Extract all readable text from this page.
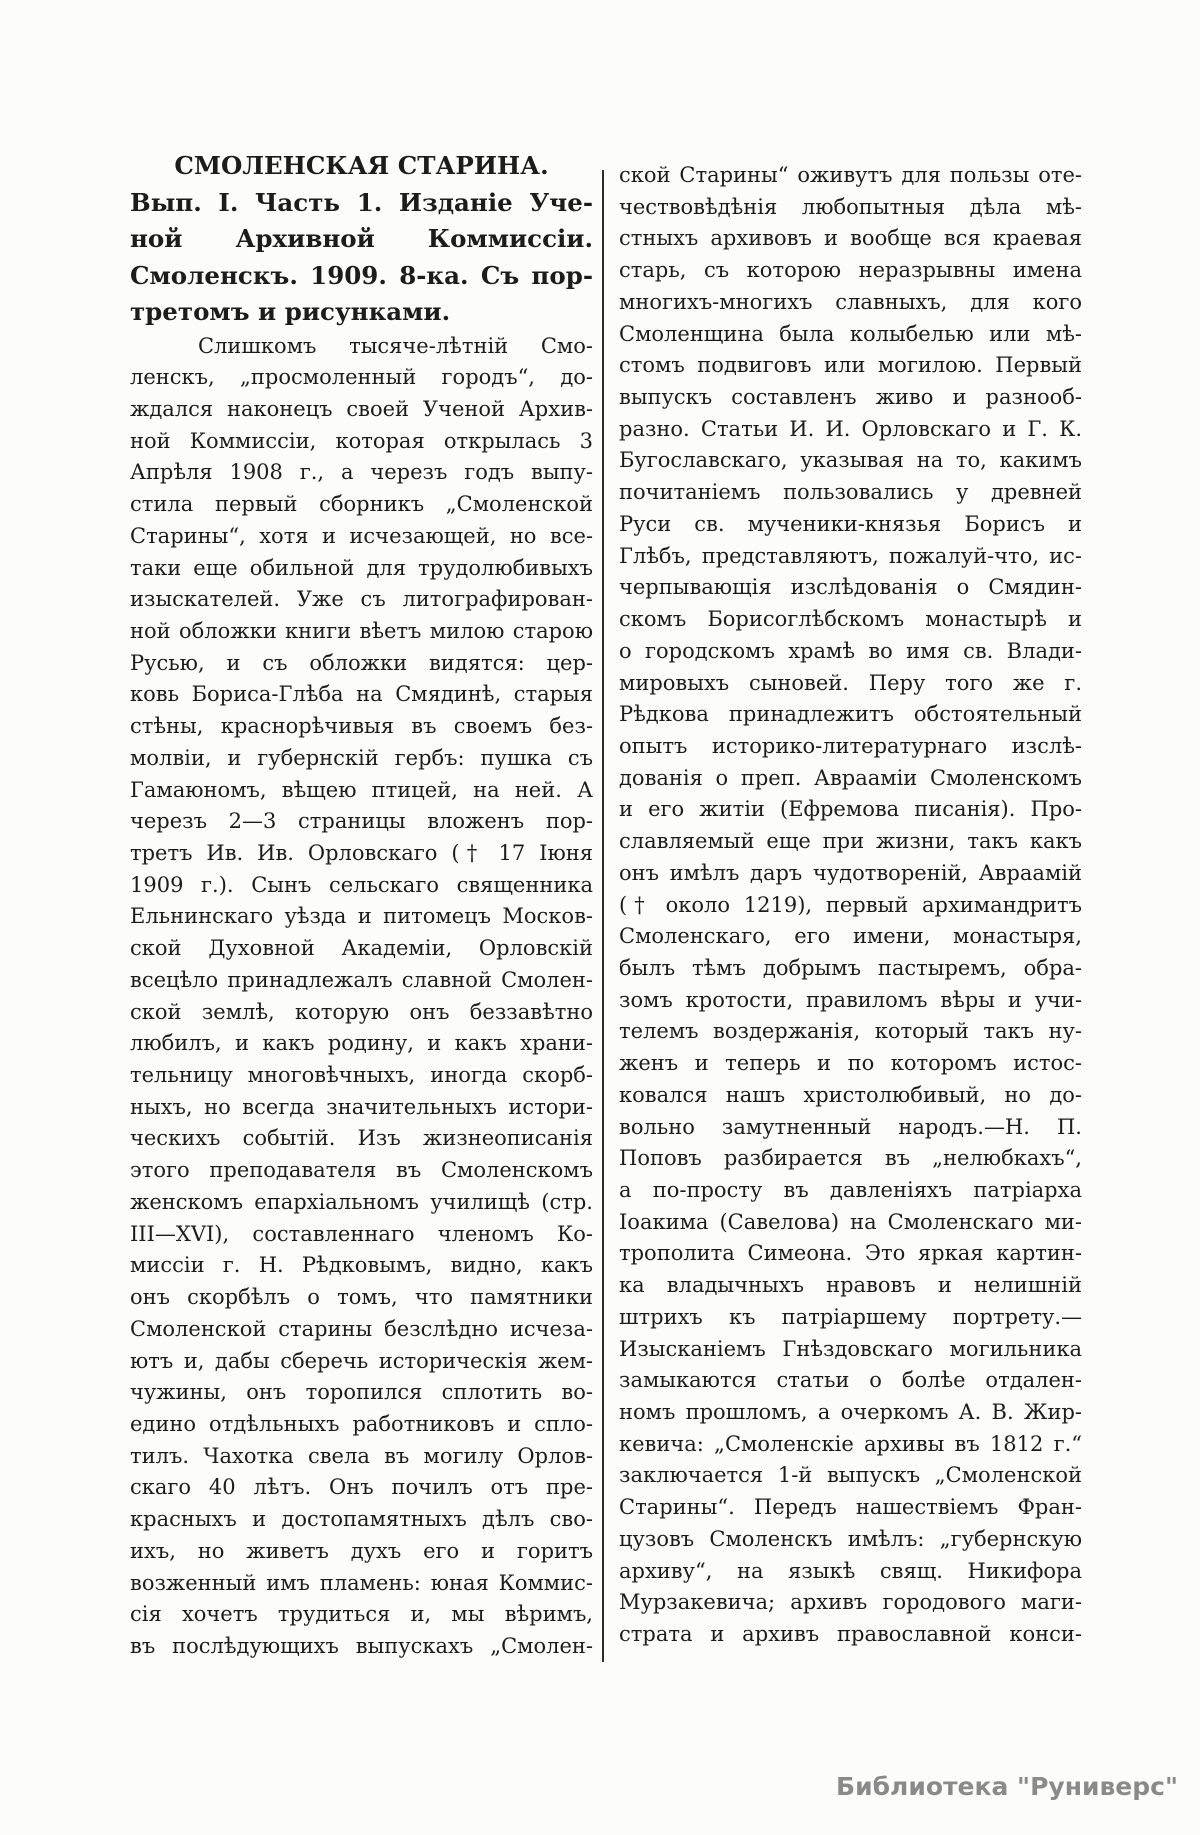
СМОЛЕНСКАЯ СТАРИНА.
Вып. I. Часть 1. Изданіе Уче-
ной Архивной Коммиссіи.
Смоленскъ. 1909. 8-ка. Съ пор-
третомъ и рисунками.
Слишкомъ тысяче-лѣтній Смо-
ленскъ, „просмоленный городъ“, до-
ждался наконецъ своей Ученой Архив-
ной Коммиссіи, которая открылась 3
Апрѣля 1908 г., а черезъ годъ выпу-
стила первый сборникъ „Смоленской
Старины“, хотя и исчезающей, но все-
таки еще обильной для трудолюбивыхъ
изыскателей. Уже съ литографирован-
ной обложки книги вѣетъ милою старою
Русью, и съ обложки видятся: цер-
ковь Бориса-Глѣба на Смядинѣ, старыя
стѣны, краснорѣчивыя въ своемъ без-
молвіи, и губернскій гербъ: пушка съ
Гамаюномъ, вѣщею птицей, на ней. А
черезъ 2—3 страницы вложенъ пор-
третъ Ив. Ив. Орловскаго († 17 Іюня
1909 г.). Сынъ сельскаго священника
Ельнинскаго уѣзда и питомецъ Москов-
ской Духовной Академіи, Орловскій
всецѣло принадлежалъ славной Смолен-
ской землѣ, которую онъ беззавѣтно
любилъ, и какъ родину, и какъ храни-
тельницу многовѣчныхъ, иногда скорб-
ныхъ, но всегда значительныхъ истори-
ческихъ событій. Изъ жизнеописанія
этого преподавателя въ Смоленскомъ
женскомъ епархіальномъ училищѣ (стр.
III—XVI), составленнаго членомъ Ко-
миссіи г. Н. Рѣдковымъ, видно, какъ
онъ скорбѣлъ о томъ, что памятники
Смоленской старины безслѣдно исчеза-
ютъ и, дабы сберечь историческія жем-
чужины, онъ торопился сплотить во-
едино отдѣльныхъ работниковъ и спло-
тилъ. Чахотка свела въ могилу Орлов-
скаго 40 лѣтъ. Онъ почилъ отъ пре-
красныхъ и достопамятныхъ дѣлъ сво-
ихъ, но живетъ духъ его и горитъ
возженный имъ пламень: юная Коммис-
сія хочетъ трудиться и, мы вѣримъ,
въ послѣдующихъ выпускахъ „Смолен-
ской Старины“ оживутъ для пользы оте-
чествовѣдѣнія любопытныя дѣла мѣ-
стныхъ архивовъ и вообще вся краевая
старь, съ которою неразрывны имена
многихъ-многихъ славныхъ, для кого
Смоленщина была колыбелью или мѣ-
стомъ подвиговъ или могилою. Первый
выпускъ составленъ живо и разнооб-
разно. Статьи И. И. Орловскаго и Г. К.
Бугославскаго, указывая на то, какимъ
почитаніемъ пользовались у древней
Руси св. мученики-князья Борисъ и
Глѣбъ, представляютъ, пожалуй-что, ис-
черпывающія изслѣдованія о Смядин-
скомъ Борисоглѣбскомъ монастырѣ и
о городскомъ храмѣ во имя св. Влади-
мировыхъ сыновей. Перу того же г.
Рѣдкова принадлежитъ обстоятельный
опытъ историко-литературнаго изслѣ-
дованія о преп. Аврааміи Смоленскомъ
и его житіи (Ефремова писанія). Про-
славляемый еще при жизни, такъ какъ
онъ имѣлъ даръ чудотвореній, Авраамій
(† около 1219), первый архимандритъ
Смоленскаго, его имени, монастыря,
былъ тѣмъ добрымъ пастыремъ, обра-
зомъ кротости, правиломъ вѣры и учи-
телемъ воздержанія, который такъ ну-
женъ и теперь и по которомъ истос-
ковался нашъ христолюбивый, но до-
вольно замутненный народъ.—Н. П.
Поповъ разбирается въ „нелюбкахъ“,
а по-просту въ давленіяхъ патріарха
Іоакима (Савелова) на Смоленскаго ми-
трополита Симеона. Это яркая картин-
ка владычныхъ нравовъ и нелишній
штрихъ къ патріаршему портрету.—
Изысканіемъ Гнѣздовскаго могильника
замыкаются статьи о болѣе отдален-
номъ прошломъ, а очеркомъ А. В. Жир-
кевича: „Смоленскіе архивы въ 1812 г.“
заключается 1-й выпускъ „Смоленской
Старины“. Передъ нашествіемъ Фран-
цузовъ Смоленскъ имѣлъ: „губернскую
архиву“, на языкѣ свящ. Никифора
Мурзакевича; архивъ городового маги-
страта и архивъ православной конси-
Библиотека "Руниверс"
